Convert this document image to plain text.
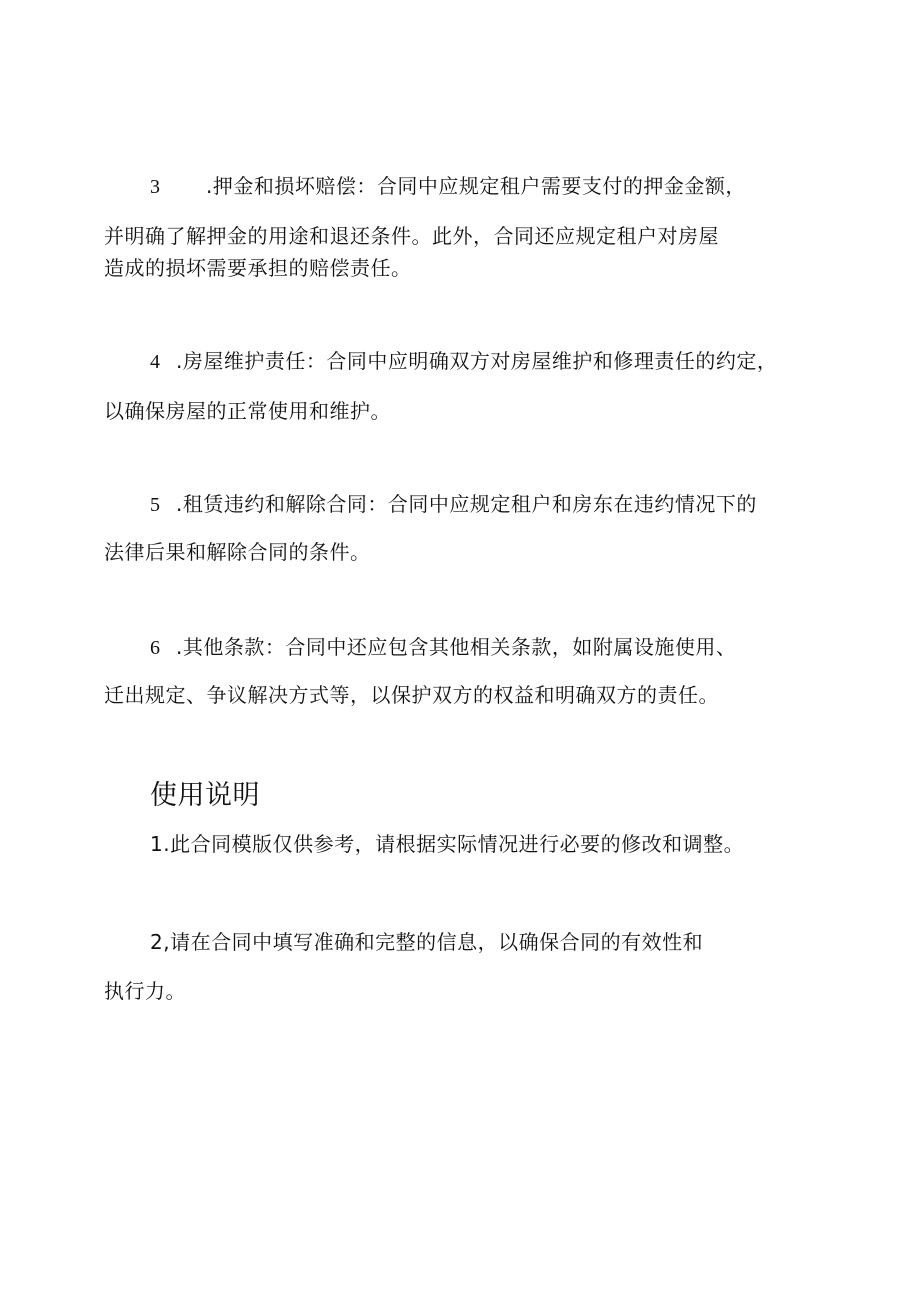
3 .押金和损坏赔偿：合同中应规定租户需要支付的押金金额，

并明确了解押金的用途和退还条件。此外，合同还应规定租户对房屋

造成的损坏需要承担的赔偿责任。

4 .房屋维护责任：合同中应明确双方对房屋维护和修理责任的约定，

以确保房屋的正常使用和维护。

5 .租赁违约和解除合同：合同中应规定租户和房东在违约情况下的

法律后果和解除合同的条件。

6 .其他条款：合同中还应包含其他相关条款，如附属设施使用、

迁出规定、争议解决方式等，以保护双方的权益和明确双方的责任。

使用说明

1.此合同模版仅供参考，请根据实际情况进行必要的修改和调整。

2,请在合同中填写准确和完整的信息，以确保合同的有效性和

执行力。
